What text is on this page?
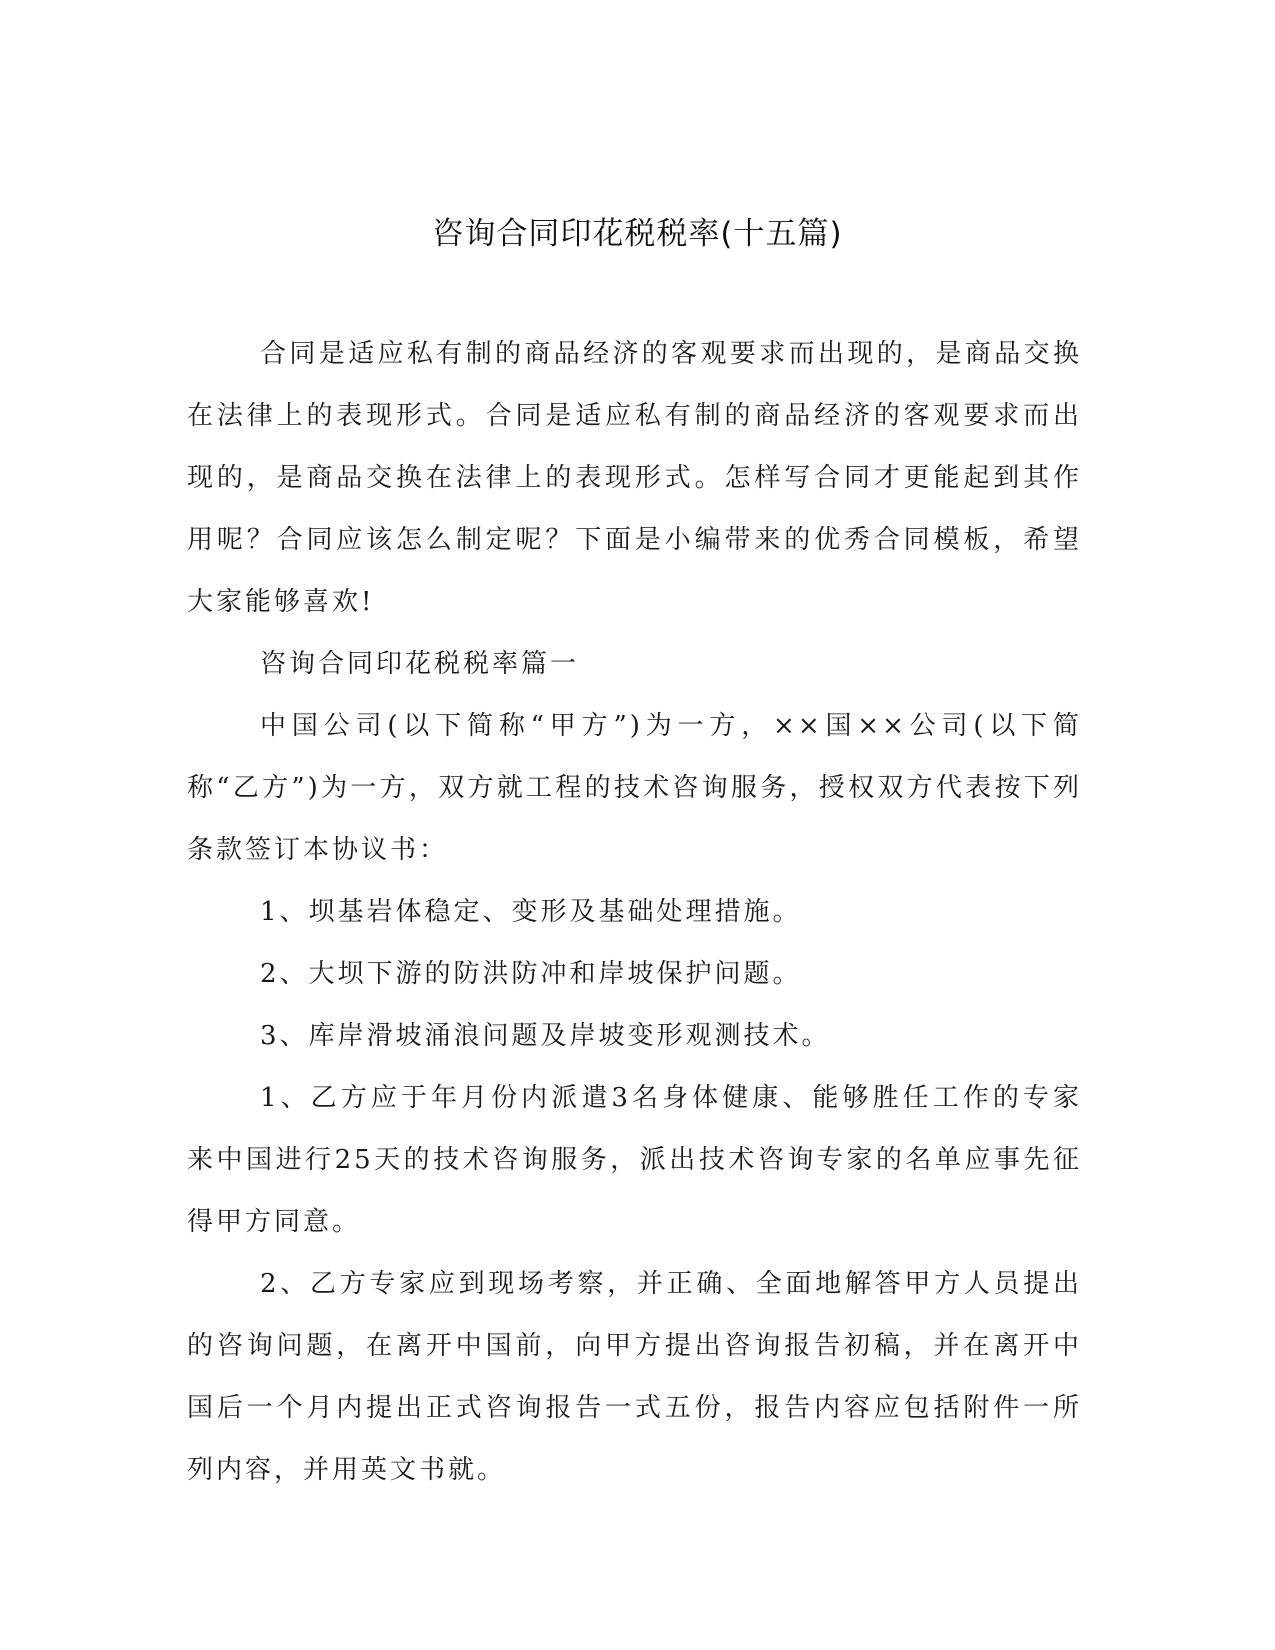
咨询合同印花税税率(十五篇)

合同是适应私有制的商品经济的客观要求而出现的，是商品交换在法律上的表现形式。合同是适应私有制的商品经济的客观要求而出现的，是商品交换在法律上的表现形式。怎样写合同才更能起到其作用呢？合同应该怎么制定呢？下面是小编带来的优秀合同模板，希望大家能够喜欢!

咨询合同印花税税率篇一

中国公司(以下简称“甲方”)为一方，××国××公司(以下简称“乙方”)为一方，双方就工程的技术咨询服务，授权双方代表按下列条款签订本协议书：

1、坝基岩体稳定、变形及基础处理措施。

2、大坝下游的防洪防冲和岸坡保护问题。

3、库岸滑坡涌浪问题及岸坡变形观测技术。

1、乙方应于年月份内派遣3名身体健康、能够胜任工作的专家来中国进行25天的技术咨询服务，派出技术咨询专家的名单应事先征得甲方同意。

2、乙方专家应到现场考察，并正确、全面地解答甲方人员提出的咨询问题，在离开中国前，向甲方提出咨询报告初稿，并在离开中国后一个月内提出正式咨询报告一式五份，报告内容应包括附件一所列内容，并用英文书就。
